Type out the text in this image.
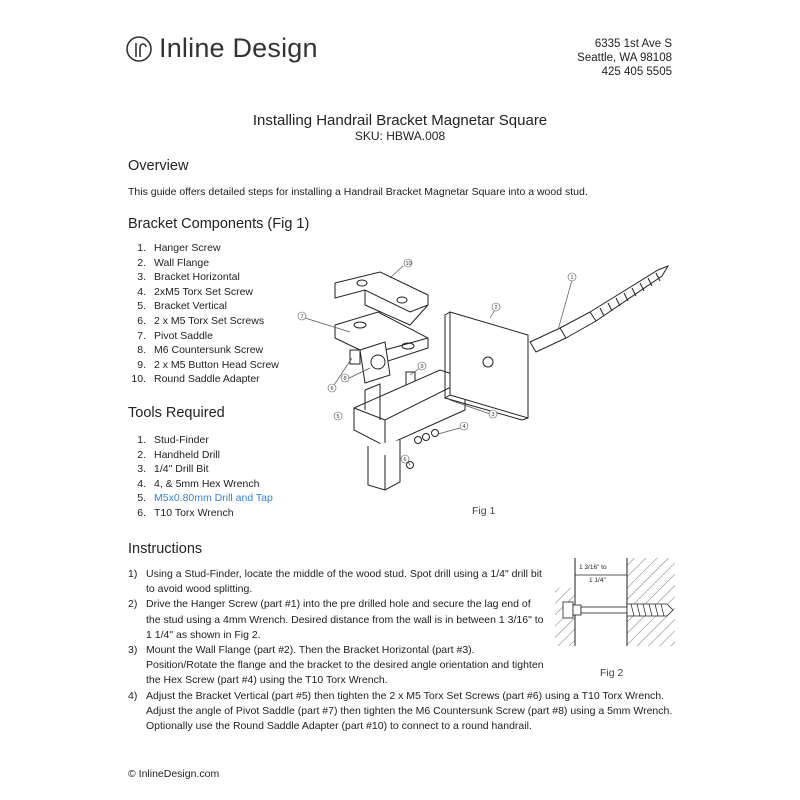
Inline Design	6335 1st Ave S
Seattle, WA 98108
425 405 5505
Installing Handrail Bracket Magnetar Square
SKU: HBWA.008
Overview
This guide offers detailed steps for installing a Handrail Bracket Magnetar Square into a wood stud.
Bracket Components (Fig 1)
1. Hanger Screw
2. Wall Flange
3. Bracket Horizontal
4. 2xM5 Torx Set Screw
5. Bracket Vertical
6. 2 x M5 Torx Set Screws
7. Pivot Saddle
8. M6 Countersunk Screw
9. 2 x M5 Button Head Screw
10. Round Saddle Adapter
Tools Required
1. Stud-Finder
2. Handheld Drill
3. 1/4" Drill Bit
4. 4, & 5mm Hex Wrench
5. M5x0.80mm Drill and Tap
6. T10 Torx Wrench
10
7
1
2
8
6
9
3
5
4
6
Fig 1
Instructions
1) Using a Stud-Finder, locate the middle of the wood stud. Spot drill using a 1/4" drill bit to avoid wood splitting.
2) Drive the Hanger Screw (part #1) into the pre drilled hole and secure the lag end of the stud using a 4mm Wrench. Desired distance from the wall is in between 1 3/16" to 1 1/4" as shown in Fig 2.
3) Mount the Wall Flange (part #2). Then the Bracket Horizontal (part #3). Position/Rotate the flange and the bracket to the desired angle orientation and tighten the Hex Screw (part #4) using the T10 Torx Wrench.
4) Adjust the Bracket Vertical (part #5) then tighten the 2 x M5 Torx Set Screws (part #6) using a T10 Torx Wrench. Adjust the angle of Pivot Saddle (part #7) then tighten the M6 Countersunk Screw (part #8) using a 5mm Wrench. Optionally use the Round Saddle Adapter (part #10) to connect to a round handrail.
1 3/16" to
1 1/4"
Fig 2
© InlineDesign.com
